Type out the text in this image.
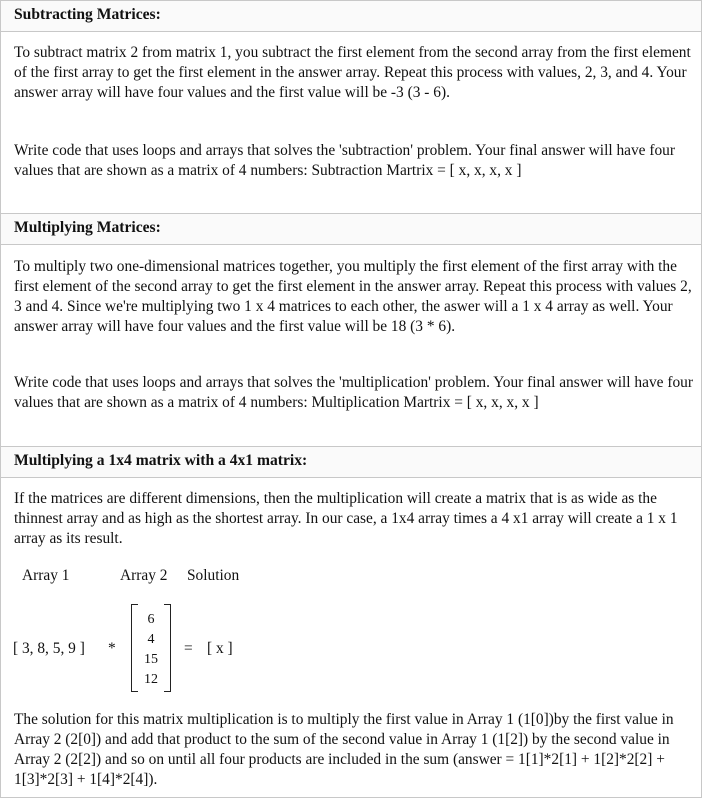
Subtracting Matrices:

To subtract matrix 2 from matrix 1, you subtract the first element from the second array from the first element of the first array to get the first element in the answer array. Repeat this process with values, 2, 3, and 4. Your answer array will have four values and the first value will be -3 (3 - 6).

Write code that uses loops and arrays that solves the 'subtraction' problem. Your final answer will have four values that are shown as a matrix of 4 numbers: Subtraction Martrix = [ x, x, x, x ]

Multiplying Matrices:

To multiply two one-dimensional matrices together, you multiply the first element of the first array with the first element of the second array to get the first element in the answer array. Repeat this process with values 2, 3 and 4. Since we're multiplying two 1 x 4 matrices to each other, the aswer will a 1 x 4 array as well. Your answer array will have four values and the first value will be 18 (3 * 6).

Write code that uses loops and arrays that solves the 'multiplication' problem. Your final answer will have four values that are shown as a matrix of 4 numbers: Multiplication Martrix = [ x, x, x, x ]

Multiplying a 1x4 matrix with a 4x1 matrix:

If the matrices are different dimensions, then the multiplication will create a matrix that is as wide as the thinnest array and as high as the shortest array. In our case, a 1x4 array times a 4 x1 array will create a 1 x 1 array as its result.

Array 1	Array 2 Solution
[ 3, 8, 5, 9 ] *
6
4
15
12
= [ x ]

The solution for this matrix multiplication is to multiply the first value in Array 1 (1[0])by the first value in Array 2 (2[0]) and add that product to the sum of the second value in Array 1 (1[2]) by the second value in Array 2 (2[2]) and so on until all four products are included in the sum (answer = 1[1]*2[1] + 1[2]*2[2] + 1[3]*2[3] + 1[4]*2[4]).
